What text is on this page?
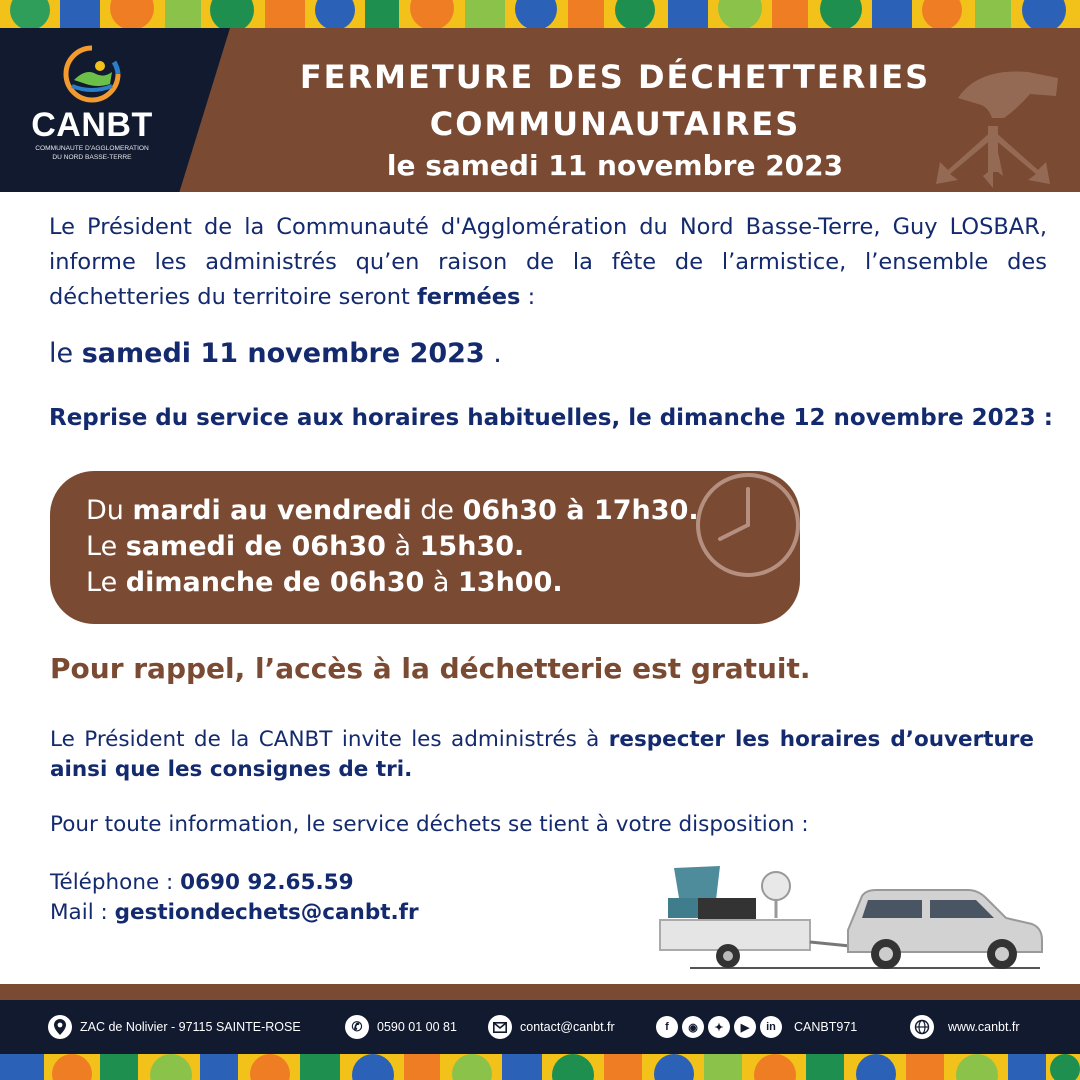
CANBT
COMMUNAUTE D'AGGLOMERATION
DU NORD BASSE-TERRE
FERMETURE DES DÉCHETTERIES
COMMUNAUTAIRES
le samedi 11 novembre 2023
Le Président de la Communauté d'Agglomération du Nord Basse-Terre, Guy LOSBAR, informe les administrés qu’en raison de la fête de l’armistice, l’ensemble des déchetteries du territoire seront fermées :
le samedi 11 novembre 2023 .
Reprise du service aux horaires habituelles, le dimanche 12 novembre 2023 :
Du mardi au vendredi de 06h30 à 17h30.
Le samedi de 06h30 à 15h30.
Le dimanche de 06h30 à 13h00.
Pour rappel, l’accès à la déchetterie est gratuit.
Le Président de la CANBT invite les administrés à respecter les horaires d’ouverture ainsi que les consignes de tri.
Pour toute information, le service déchets se tient à votre disposition :
Téléphone : 0690 92.65.59
Mail : gestiondechets@canbt.fr
ZAC de Nolivier - 97115 SAINTE-ROSE	✆	0590 01 00 81	contact@canbt.fr	f	◉	✦	▶	in	CANBT971	www.canbt.fr
